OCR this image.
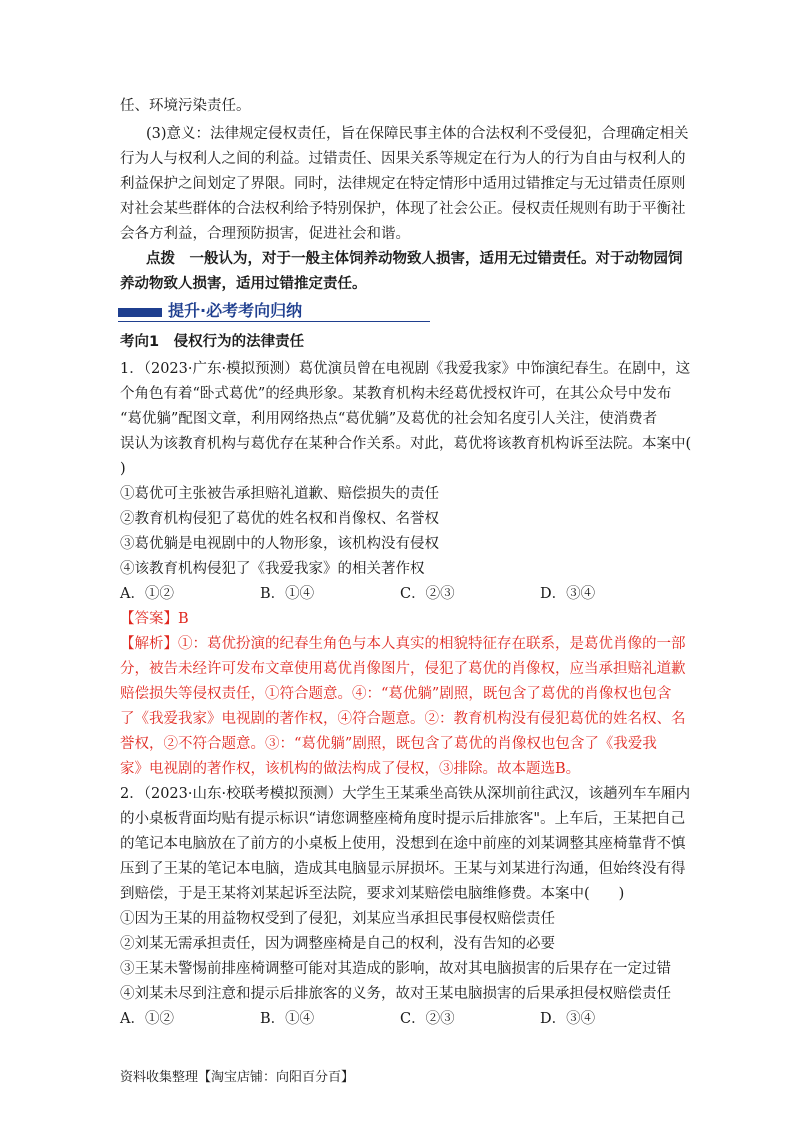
任、环境污染责任。
(3)意义：法律规定侵权责任，旨在保障民事主体的合法权利不受侵犯，合理确定相关
行为人与权利人之间的利益。过错责任、因果关系等规定在行为人的行为自由与权利人的
利益保护之间划定了界限。同时，法律规定在特定情形中适用过错推定与无过错责任原则
对社会某些群体的合法权利给予特别保护，体现了社会公正。侵权责任规则有助于平衡社
会各方利益，合理预防损害，促进社会和谐。
点拨　一般认为，对于一般主体饲养动物致人损害，适用无过错责任。对于动物园饲
养动物致人损害，适用过错推定责任。
提升·必考考向归纳
考向1　侵权行为的法律责任
1．（2023·广东·模拟预测）葛优演员曾在电视剧《我爱我家》中饰演纪春生。在剧中，这
个角色有着“卧式葛优”的经典形象。某教育机构未经葛优授权许可，在其公众号中发布
“葛优躺”配图文章，利用网络热点“葛优躺”及葛优的社会知名度引人关注，使消费者
误认为该教育机构与葛优存在某种合作关系。对此，葛优将该教育机构诉至法院。本案中(
)
①葛优可主张被告承担赔礼道歉、赔偿损失的责任
②教育机构侵犯了葛优的姓名权和肖像权、名誉权
③葛优躺是电视剧中的人物形象，该机构没有侵权
④该教育机构侵犯了《我爱我家》的相关著作权
A．①②	B．①④	C．②③	D．③④
【答案】B
【解析】①：葛优扮演的纪春生角色与本人真实的相貌特征存在联系，是葛优肖像的一部
分，被告未经许可发布文章使用葛优肖像图片，侵犯了葛优的肖像权，应当承担赔礼道歉
赔偿损失等侵权责任，①符合题意。④：“葛优躺”剧照，既包含了葛优的肖像权也包含
了《我爱我家》电视剧的著作权，④符合题意。②：教育机构没有侵犯葛优的姓名权、名
誉权，②不符合题意。③：“葛优躺”剧照，既包含了葛优的肖像权也包含了《我爱我
家》电视剧的著作权，该机构的做法构成了侵权，③排除。故本题选B。
2．（2023·山东·校联考模拟预测）大学生王某乘坐高铁从深圳前往武汉，该趟列车车厢内
的小桌板背面均贴有提示标识“请您调整座椅角度时提示后排旅客"。上车后，王某把自己
的笔记本电脑放在了前方的小桌板上使用，没想到在途中前座的刘某调整其座椅靠背不慎
压到了王某的笔记本电脑，造成其电脑显示屏损坏。王某与刘某进行沟通，但始终没有得
到赔偿，于是王某将刘某起诉至法院，要求刘某赔偿电脑维修费。本案中(　　)
①因为王某的用益物权受到了侵犯，刘某应当承担民事侵权赔偿责任
②刘某无需承担责任，因为调整座椅是自己的权利，没有告知的必要
③王某未警惕前排座椅调整可能对其造成的影响，故对其电脑损害的后果存在一定过错
④刘某未尽到注意和提示后排旅客的义务，故对王某电脑损害的后果承担侵权赔偿责任
A．①②	B．①④	C．②③	D．③④
资料收集整理【淘宝店铺：向阳百分百】
